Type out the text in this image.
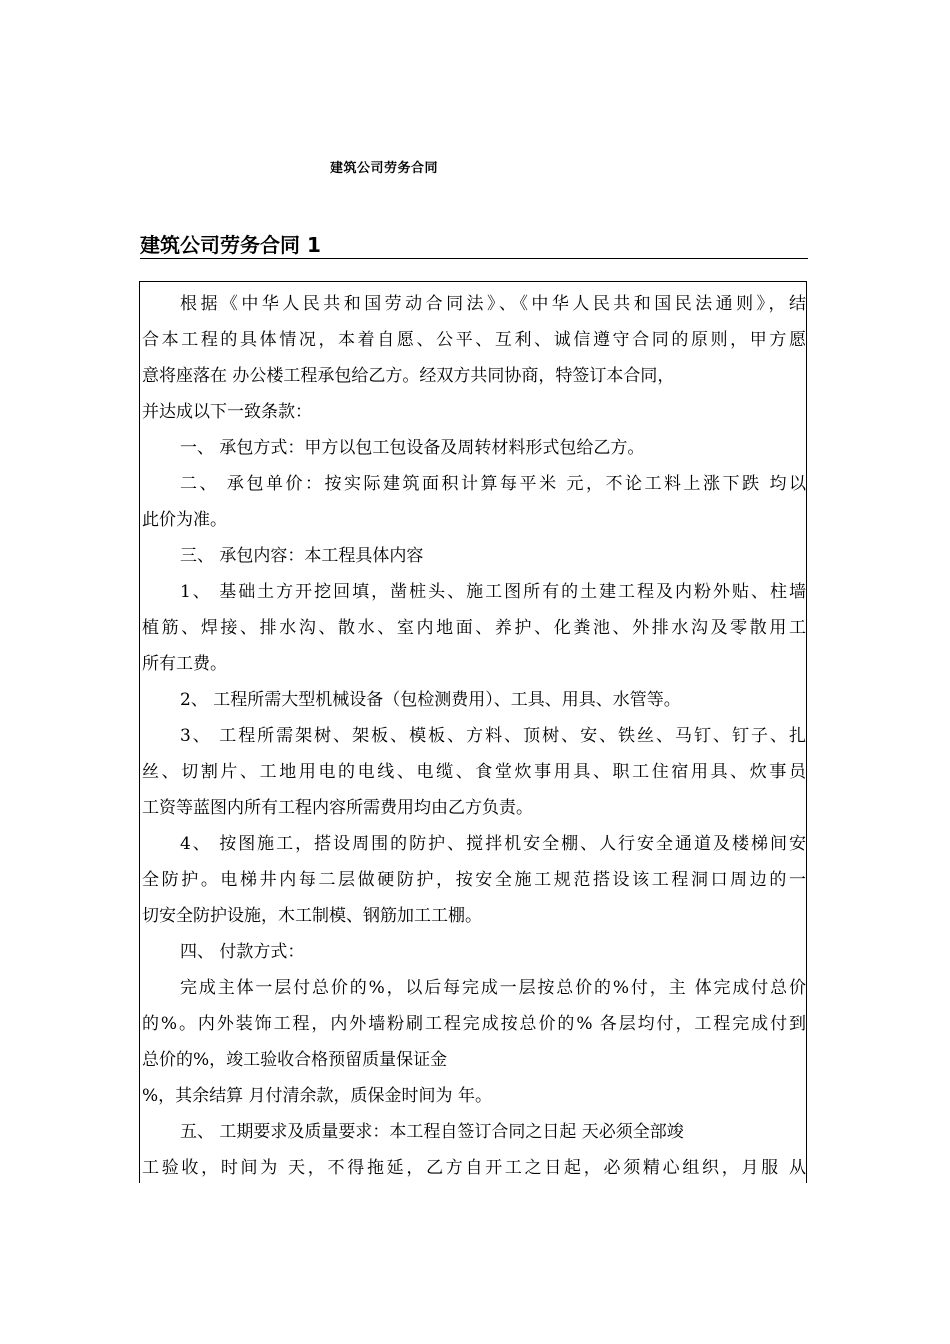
建筑公司劳务合同
建筑公司劳务合同 1
根据《中华人民共和国劳动合同法》、《中华人民共和国民法通则》，结
合本工程的具体情况，本着自愿、公平、互利、诚信遵守合同的原则，甲方愿
意将座落在 办公楼工程承包给乙方。经双方共同协商，特签订本合同，
并达成以下一致条款：
一、 承包方式：甲方以包工包设备及周转材料形式包给乙方。
二、 承包单价：按实际建筑面积计算每平米 元，不论工料上涨下跌 均以
此价为准。
三、 承包内容：本工程具体内容
1、 基础土方开挖回填，凿桩头、施工图所有的土建工程及内粉外贴、柱墙
植筋、焊接、排水沟、散水、室内地面、养护、化粪池、外排水沟及零散用工
所有工费。
2、 工程所需大型机械设备（包检测费用）、工具、用具、水管等。
3、 工程所需架树、架板、模板、方料、顶树、安、铁丝、马钉、钉子、扎
丝、切割片、工地用电的电线、电缆、食堂炊事用具、职工住宿用具、炊事员
工资等蓝图内所有工程内容所需费用均由乙方负责。
4、 按图施工，搭设周围的防护、搅拌机安全棚、人行安全通道及楼梯间安
全防护。电梯井内每二层做硬防护，按安全施工规范搭设该工程洞口周边的一
切安全防护设施，木工制模、钢筋加工工棚。
四、 付款方式：
完成主体一层付总价的%，以后每完成一层按总价的%付，主 体完成付总价
的%。内外装饰工程，内外墙粉刷工程完成按总价的% 各层均付，工程完成付到
总价的%，竣工验收合格预留质量保证金
%，其余结算 月付清余款，质保金时间为 年。
五、 工期要求及质量要求：本工程自签订合同之日起 天必须全部竣
工验收，时间为 天，不得拖延，乙方自开工之日起，必须精心组织，月服 从
